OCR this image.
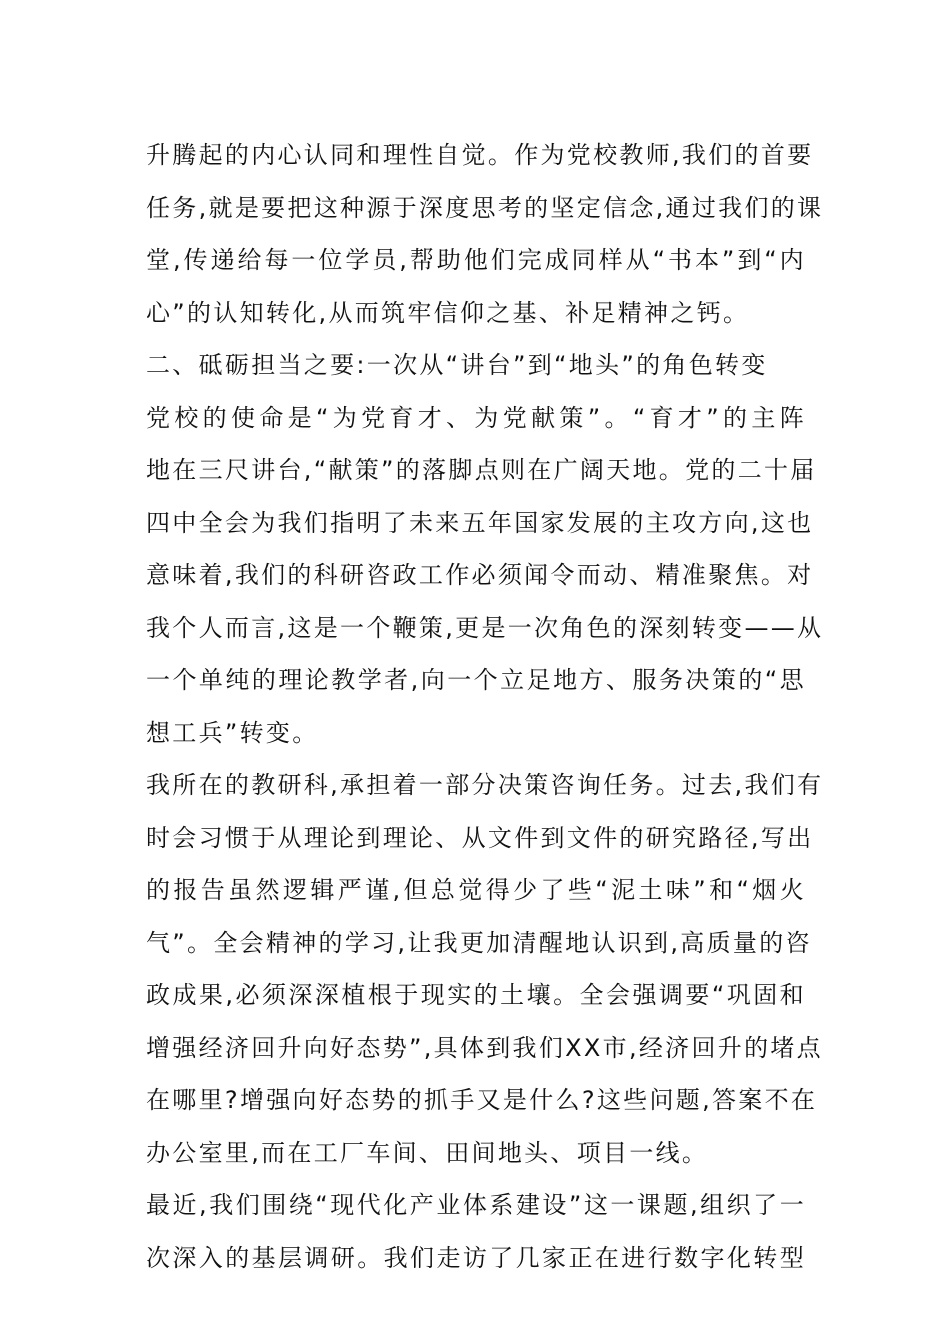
升腾起的内心认同和理性自觉。作为党校教师,我们的首要
任务,就是要把这种源于深度思考的坚定信念,通过我们的课
堂,传递给每一位学员,帮助他们完成同样从“书本”到“内
心”的认知转化,从而筑牢信仰之基、补足精神之钙。
二、砥砺担当之要:一次从“讲台”到“地头”的角色转变
党校的使命是“为党育才、为党献策”。“育才”的主阵
地在三尺讲台,“献策”的落脚点则在广阔天地。党的二十届
四中全会为我们指明了未来五年国家发展的主攻方向,这也
意味着,我们的科研咨政工作必须闻令而动、精准聚焦。对
我个人而言,这是一个鞭策,更是一次角色的深刻转变——从
一个单纯的理论教学者,向一个立足地方、服务决策的“思
想工兵”转变。
我所在的教研科,承担着一部分决策咨询任务。过去,我们有
时会习惯于从理论到理论、从文件到文件的研究路径,写出
的报告虽然逻辑严谨,但总觉得少了些“泥土味”和“烟火
气”。全会精神的学习,让我更加清醒地认识到,高质量的咨
政成果,必须深深植根于现实的土壤。全会强调要“巩固和
增强经济回升向好态势”,具体到我们XX市,经济回升的堵点
在哪里?增强向好态势的抓手又是什么?这些问题,答案不在
办公室里,而在工厂车间、田间地头、项目一线。
最近,我们围绕“现代化产业体系建设”这一课题,组织了一
次深入的基层调研。我们走访了几家正在进行数字化转型
